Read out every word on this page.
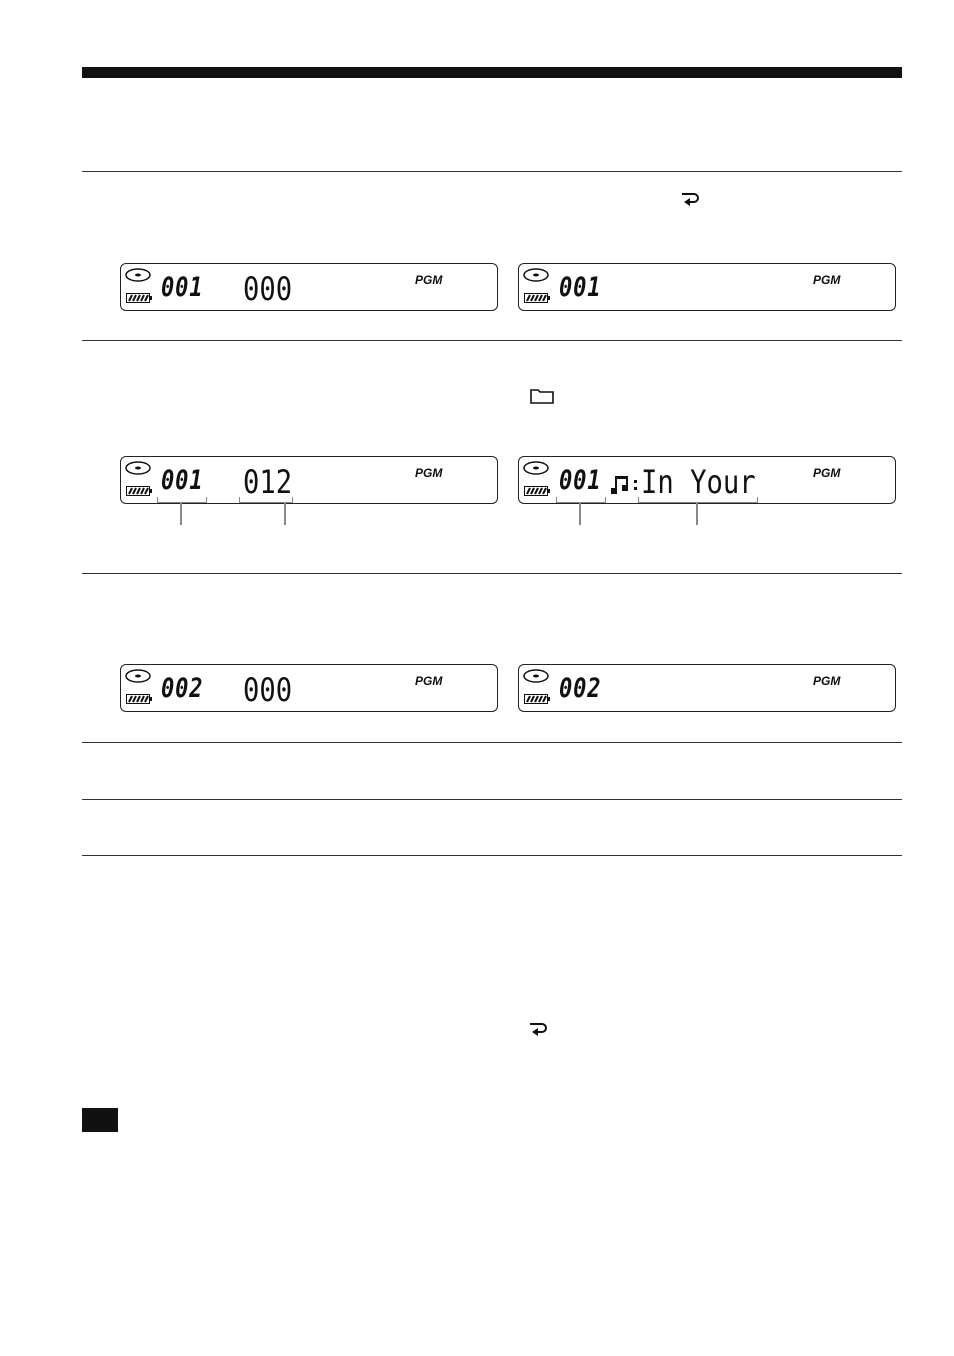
001 000	PGM	001	PGM
001 012	PGM	001 In Your	PGM
002 000	PGM	002	PGM
